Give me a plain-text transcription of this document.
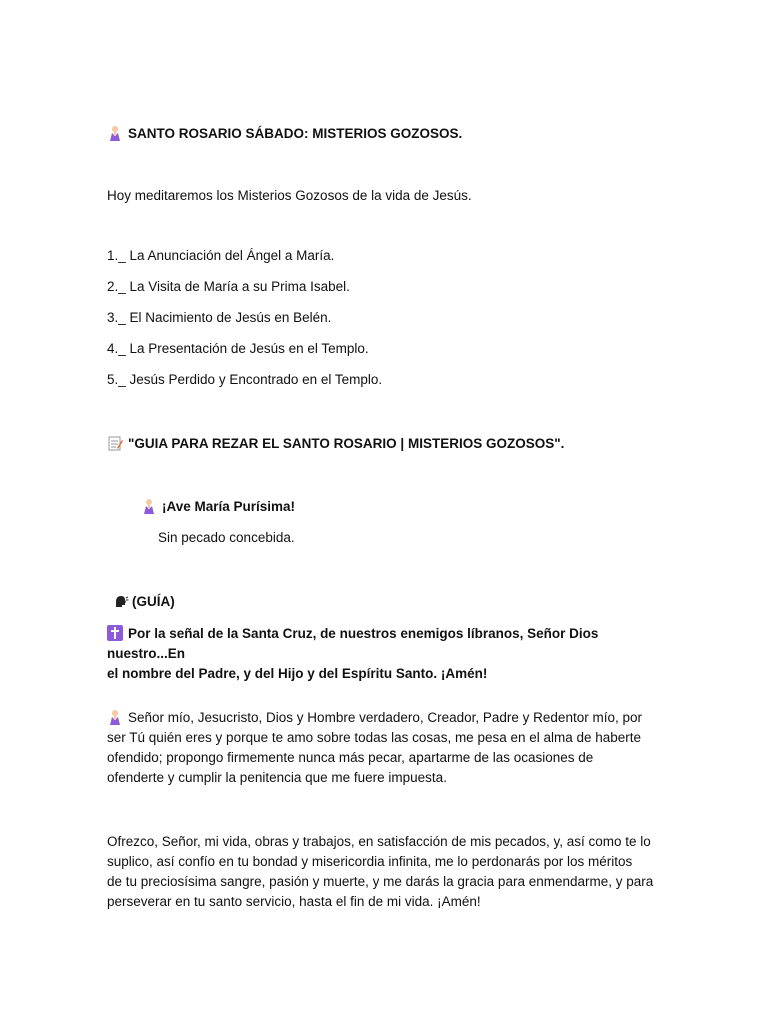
SANTO ROSARIO SÁBADO: MISTERIOS GOZOSOS.
Hoy meditaremos los Misterios Gozosos de la vida de Jesús.
1._ La Anunciación del Ángel a María.
2._ La Visita de María a su Prima Isabel.
3._ El Nacimiento de Jesús en Belén.
4._ La Presentación de Jesús en el Templo.
5._ Jesús Perdido y Encontrado en el Templo.
"GUIA PARA REZAR EL SANTO ROSARIO | MISTERIOS GOZOSOS".
¡Ave María Purísima!
Sin pecado concebida.
(GUÍA)
Por la señal de la Santa Cruz, de nuestros enemigos líbranos, Señor Dios nuestro...En
el nombre del Padre, y del Hijo y del Espíritu Santo. ¡Amén!
Señor mío, Jesucristo, Dios y Hombre verdadero, Creador, Padre y Redentor mío, por
ser Tú quién eres y porque te amo sobre todas las cosas, me pesa en el alma de haberte
ofendido; propongo firmemente nunca más pecar, apartarme de las ocasiones de
ofenderte y cumplir la penitencia que me fuere impuesta.
Ofrezco, Señor, mi vida, obras y trabajos, en satisfacción de mis pecados, y, así como te lo
suplico, así confío en tu bondad y misericordia infinita, me lo perdonarás por los méritos
de tu preciosísima sangre, pasión y muerte, y me darás la gracia para enmendarme, y para
perseverar en tu santo servicio, hasta el fin de mi vida. ¡Amén!
